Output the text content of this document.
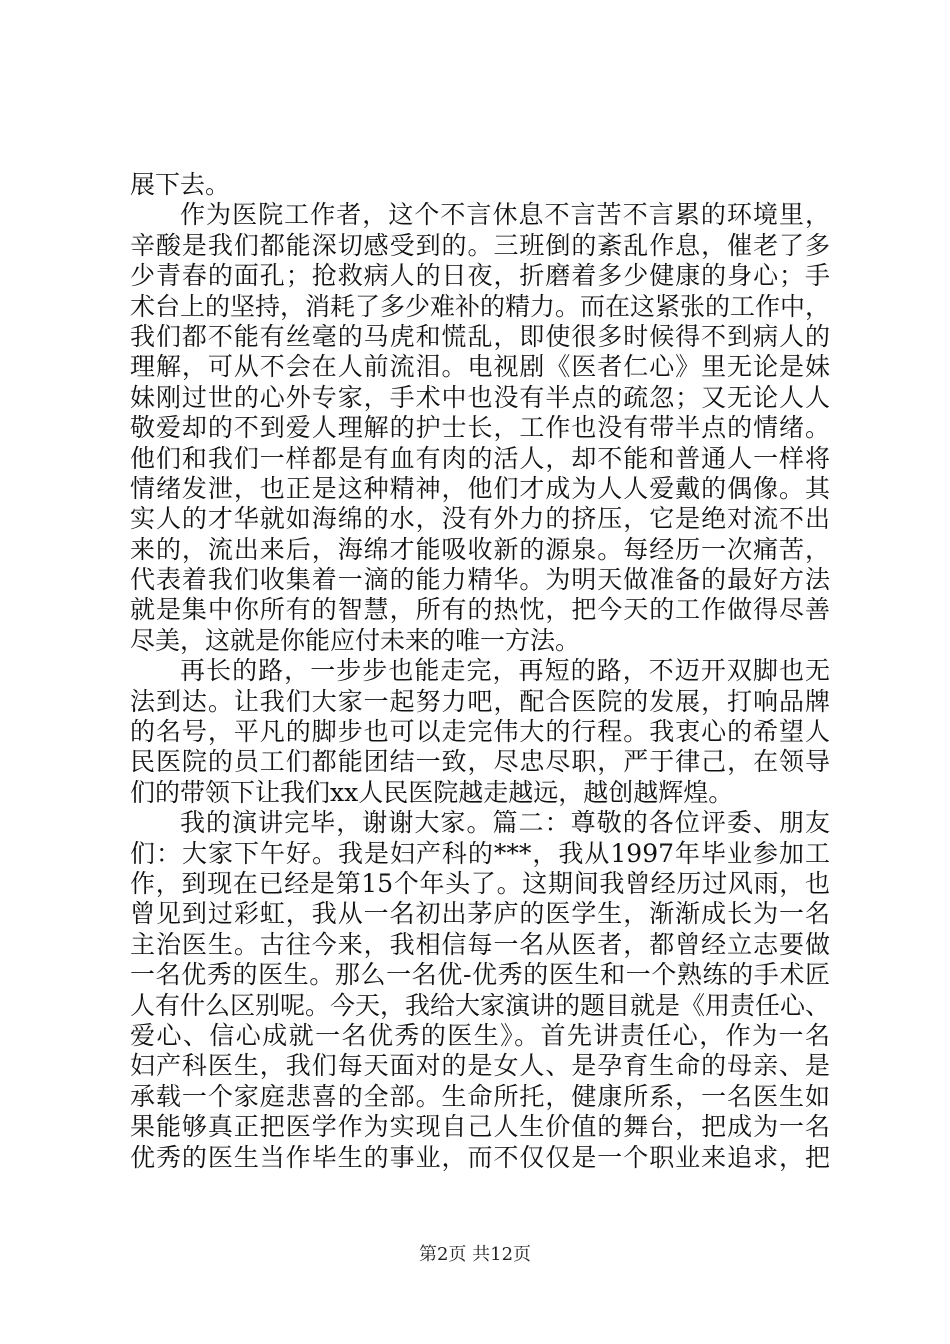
展下去。
作为医院工作者，这个不言休息不言苦不言累的环境里，
辛酸是我们都能深切感受到的。三班倒的紊乱作息，催老了多
少青春的面孔；抢救病人的日夜，折磨着多少健康的身心；手
术台上的坚持，消耗了多少难补的精力。而在这紧张的工作中，
我们都不能有丝毫的马虎和慌乱，即使很多时候得不到病人的
理解，可从不会在人前流泪。电视剧《医者仁心》里无论是妹
妹刚过世的心外专家，手术中也没有半点的疏忽；又无论人人
敬爱却的不到爱人理解的护士长，工作也没有带半点的情绪。
他们和我们一样都是有血有肉的活人，却不能和普通人一样将
情绪发泄，也正是这种精神，他们才成为人人爱戴的偶像。其
实人的才华就如海绵的水，没有外力的挤压，它是绝对流不出
来的，流出来后，海绵才能吸收新的源泉。每经历一次痛苦，
代表着我们收集着一滴的能力精华。为明天做准备的最好方法
就是集中你所有的智慧，所有的热忱，把今天的工作做得尽善
尽美，这就是你能应付未来的唯一方法。
再长的路，一步步也能走完，再短的路，不迈开双脚也无
法到达。让我们大家一起努力吧，配合医院的发展，打响品牌
的名号，平凡的脚步也可以走完伟大的行程。我衷心的希望人
民医院的员工们都能团结一致，尽忠尽职，严于律己，在领导
们的带领下让我们xx人民医院越走越远，越创越辉煌。
我的演讲完毕，谢谢大家。篇二：尊敬的各位评委、朋友
们：大家下午好。我是妇产科的***，我从1997年毕业参加工
作，到现在已经是第15个年头了。这期间我曾经历过风雨，也
曾见到过彩虹，我从一名初出茅庐的医学生，渐渐成长为一名
主治医生。古往今来，我相信每一名从医者，都曾经立志要做
一名优秀的医生。那么一名优-优秀的医生和一个熟练的手术匠
人有什么区别呢。今天，我给大家演讲的题目就是《用责任心、
爱心、信心成就一名优秀的医生》。首先讲责任心，作为一名
妇产科医生，我们每天面对的是女人、是孕育生命的母亲、是
承载一个家庭悲喜的全部。生命所托，健康所系，一名医生如
果能够真正把医学作为实现自己人生价值的舞台，把成为一名
优秀的医生当作毕生的事业，而不仅仅是一个职业来追求，把
第2页 共12页
